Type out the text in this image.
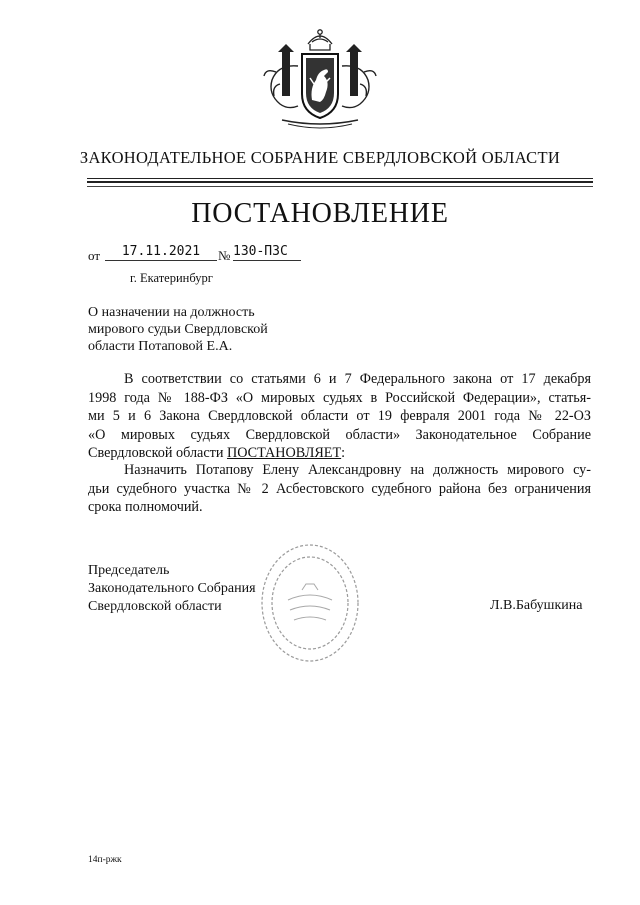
ЗАКОНОДАТЕЛЬНОЕ СОБРАНИЕ СВЕРДЛОВСКОЙ ОБЛАСТИ
ПОСТАНОВЛЕНИЕ
от	17.11.2021	№ 130-ПЗС
г. Екатеринбург
О назначении на должность
мирового судьи Свердловской
области Потаповой Е.А.
В соответствии со статьями 6 и 7 Федерального закона от 17 декабря
1998 года № 188-ФЗ «О мировых судьях в Российской Федерации», статья-
ми 5 и 6 Закона Свердловской области от 19 февраля 2001 года № 22-ОЗ
«О мировых судьях Свердловской области» Законодательное Собрание
Свердловской области ПОСТАНОВЛЯЕТ:
Назначить Потапову Елену Александровну на должность мирового су-
дьи судебного участка № 2 Асбестовского судебного района без ограничения
срока полномочий.
Председатель
Законодательного Собрания
Свердловской области	Л.В.Бабушкина
14п-ржк
